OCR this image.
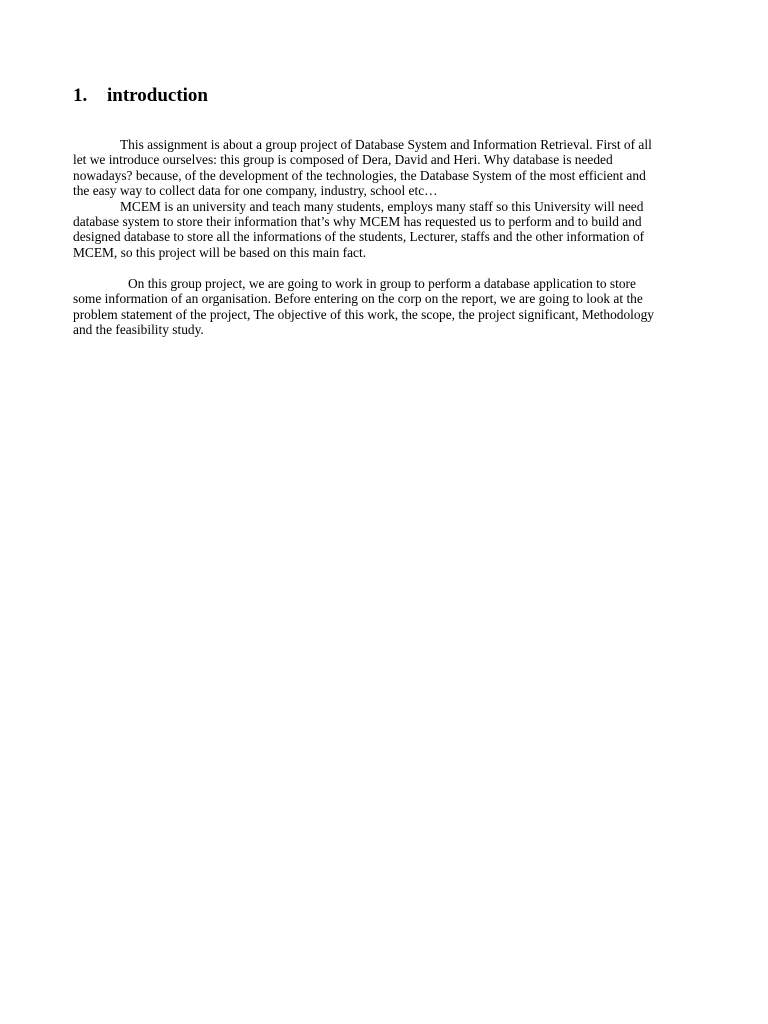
1. introduction
This assignment is about a group project of Database System and Information Retrieval. First of all
let we introduce ourselves: this group is composed of Dera, David and Heri. Why database is needed
nowadays? because, of the development of the technologies, the Database System of the most efficient and
the easy way to collect data for one company, industry, school etc…
MCEM is an university and teach many students, employs many staff so this University will need
database system to store their information that’s why MCEM has requested us to perform and to build and
designed database to store all the informations of the students, Lecturer, staffs and the other information of
MCEM, so this project will be based on this main fact.
On this group project, we are going to work in group to perform a database application to store
some information of an organisation. Before entering on the corp on the report, we are going to look at the
problem statement of the project, The objective of this work, the scope, the project significant, Methodology
and the feasibility study.
